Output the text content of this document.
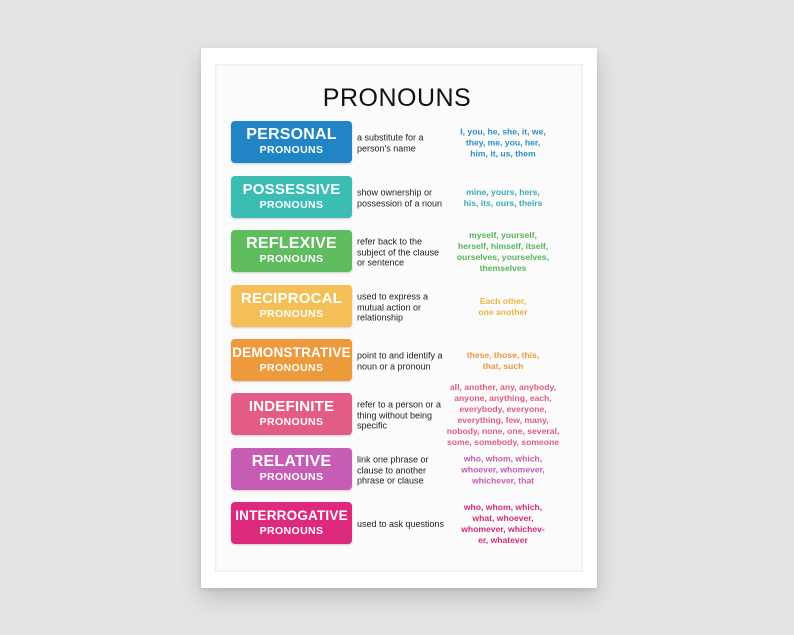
PRONOUNS
PERSONAL
PRONOUNS
a substitute for a person's name
I, you, he, she, it, we,
they, me, you, her,
him, it, us, them
POSSESSIVE
PRONOUNS
show ownership or possession of a noun
mine, yours, hers,
his, its, ours, theirs
REFLEXIVE
PRONOUNS
refer back to the subject of the clause or sentence
myself, yourself,
herself, himself, itself,
ourselves, yourselves,
themselves
RECIPROCAL
PRONOUNS
used to express a mutual action or relationship
Each other,
one another
DEMONSTRATIVE
PRONOUNS
point to and identify a noun or a pronoun
these, those, this,
that, such
INDEFINITE
PRONOUNS
refer to a person or a thing without being specific
all, another, any, anybody,
anyone, anything, each,
everybody, everyone,
everything, few, many,
nobody, none, one, several,
some, somebody, someone
RELATIVE
PRONOUNS
link one phrase or clause to another phrase or clause
who, whom, which,
whoever, whomever,
whichever, that
INTERROGATIVE
PRONOUNS
used to ask questions
who, whom, which,
what, whoever,
whomever, whichev-
er, whatever
